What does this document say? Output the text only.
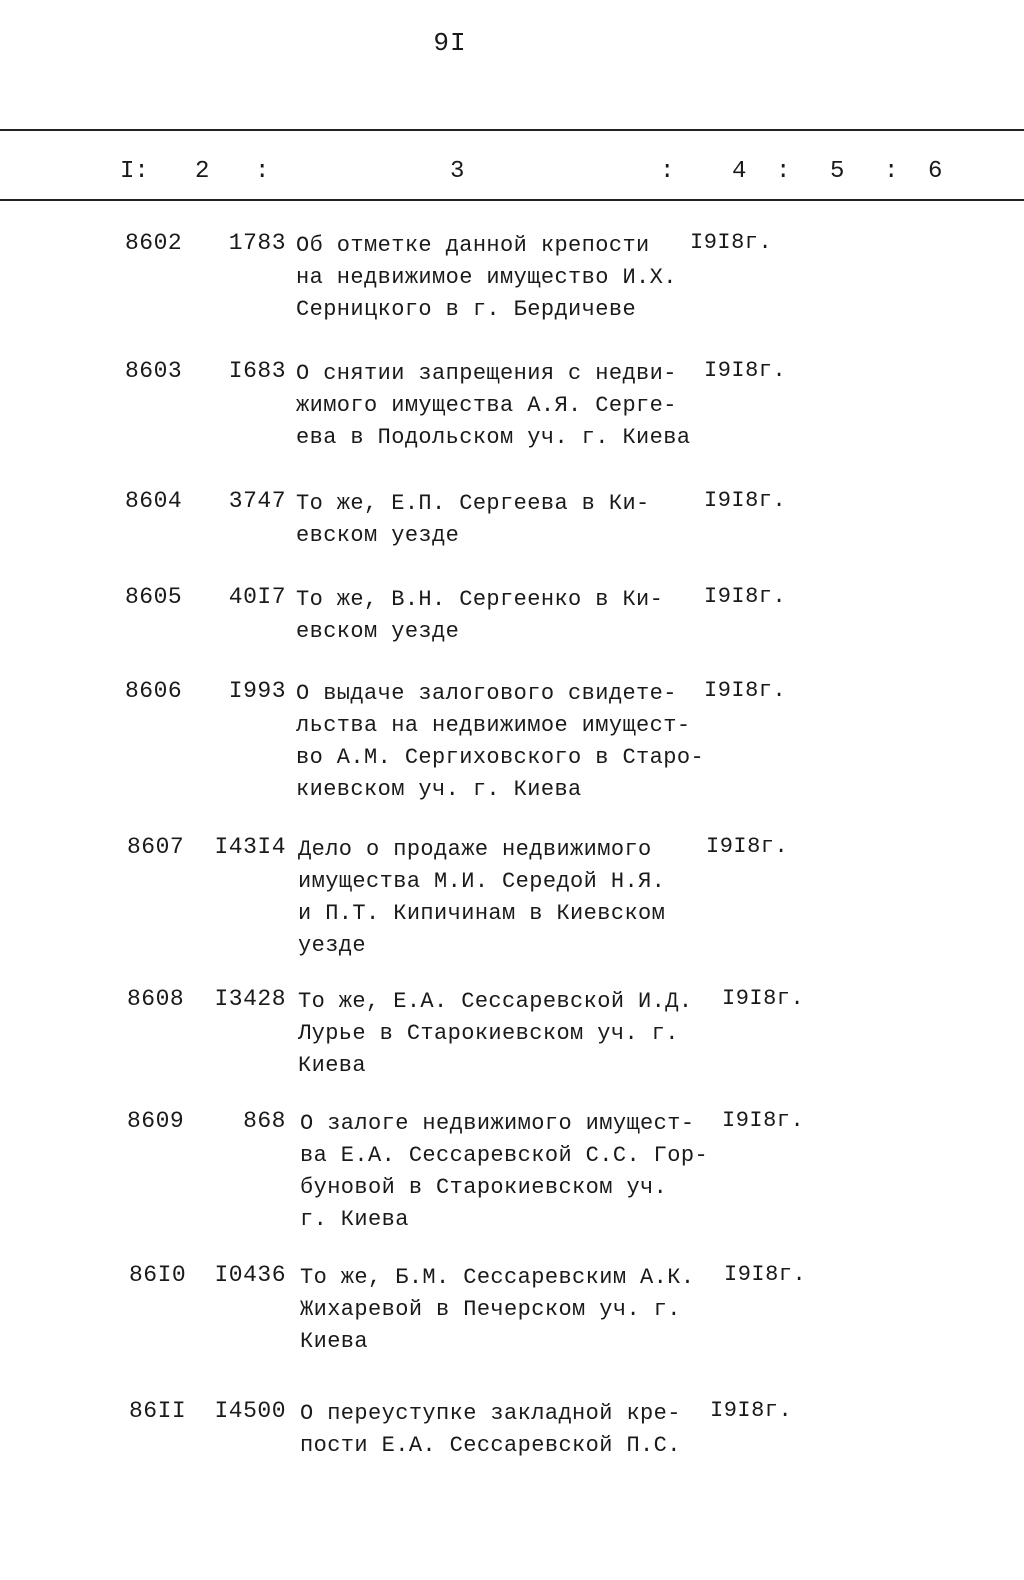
9I
I: 2 :	3	: 4 : 5 : 6
8602	1783 Об отметке данной крепости
на недвижимое имущество И.Х.
Серницкого в г. Бердичеве
I9I8г.
8603	I683 О снятии запрещения с недви-
жимого имущества А.Я. Серге-
ева в Подольском уч. г. Киева
I9I8г.
8604	3747 То же, Е.П. Сергеева в Ки-
евском уезде
I9I8г.
8605	40I7 То же, В.Н. Сергеенко в Ки-
евском уезде
I9I8г.
8606	I993 О выдаче залогового свидете-
льства на недвижимое имущест-
во А.М. Сергиховского в Старо-
киевском уч. г. Киева
I9I8г.
8607	I43I4 Дело о продаже недвижимого
имущества М.И. Середой Н.Я.
и П.Т. Кипичинам в Киевском
уезде
I9I8г.
8608	I3428 То же, Е.А. Сессаревской И.Д.
Лурье в Старокиевском уч. г.
Киева
I9I8г.
8609	868 О залоге недвижимого имущест-
ва Е.А. Сессаревской С.С. Гор-
буновой в Старокиевском уч.
г. Киева
I9I8г.
86I0	I0436 То же, Б.М. Сессаревским А.К.
Жихаревой в Печерском уч. г.
Киева
I9I8г.
86II	I4500 О переуступке закладной кре-
пости Е.А. Сессаревской П.С.
I9I8г.
